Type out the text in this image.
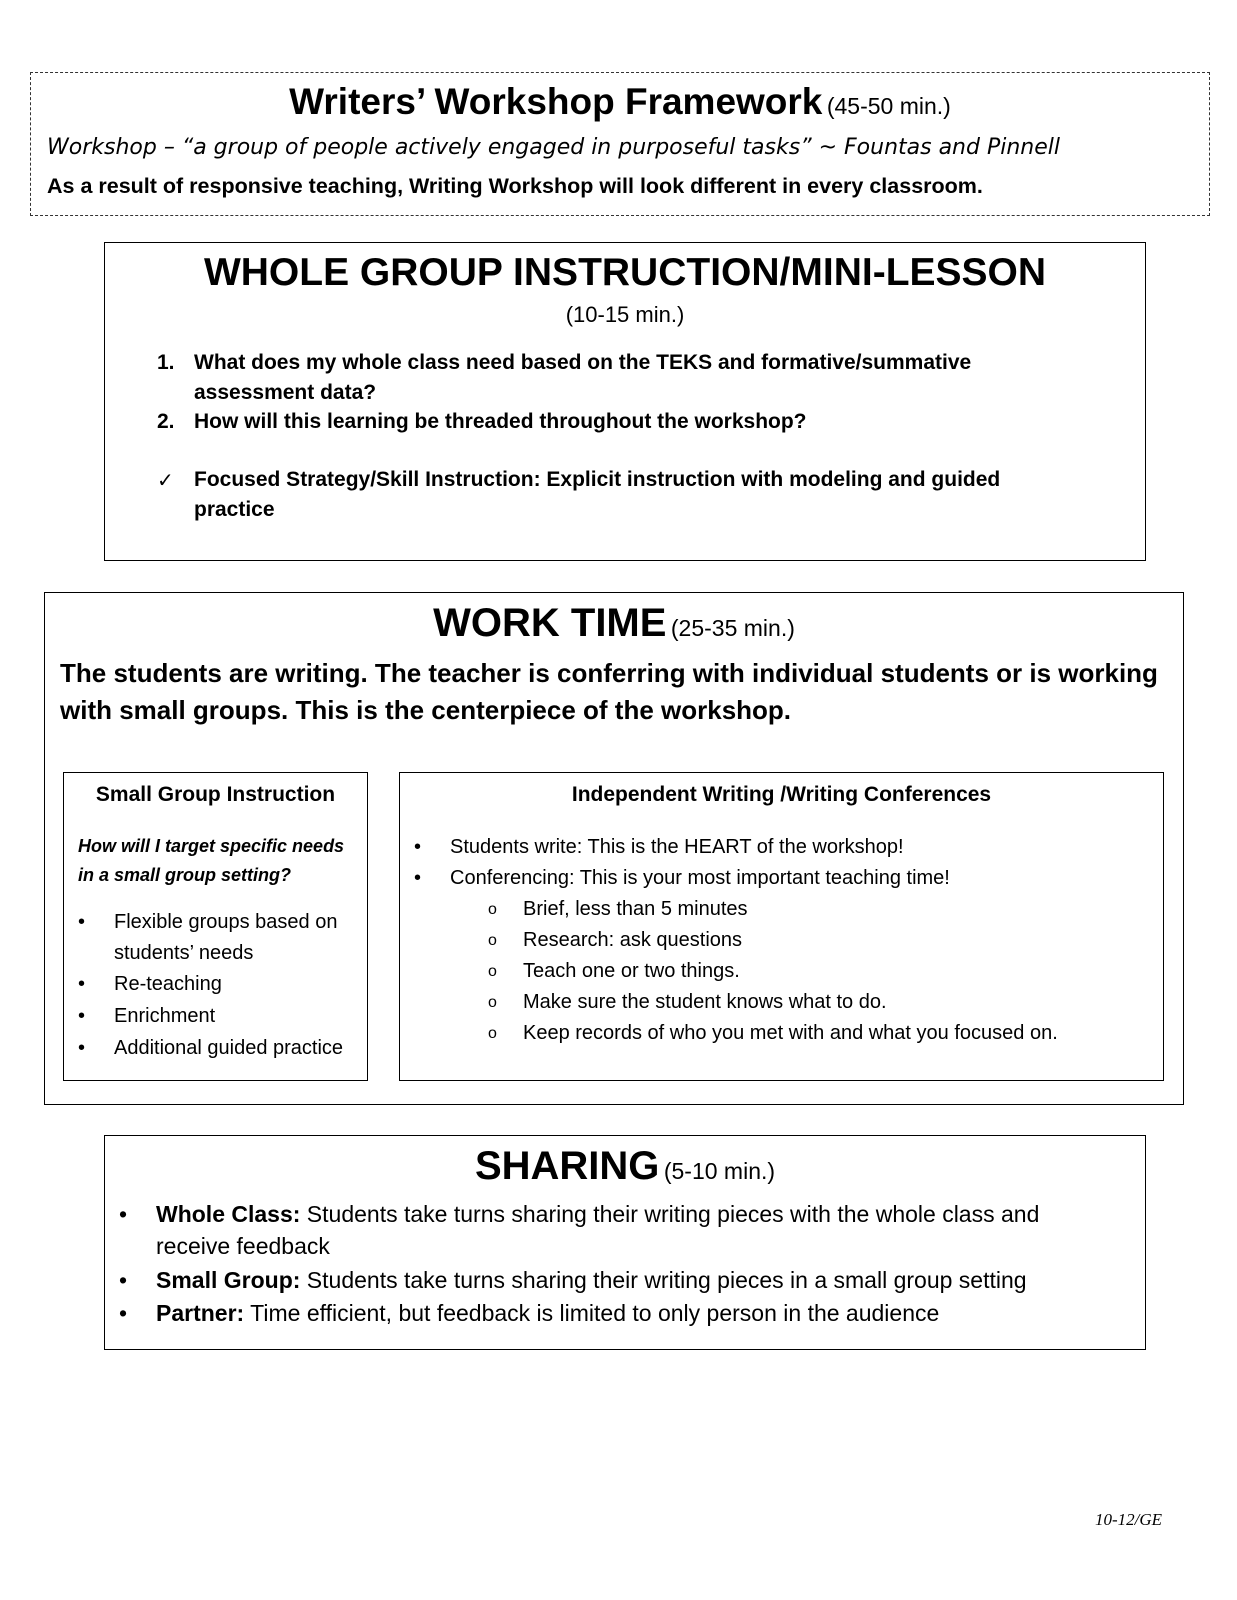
Writers’ Workshop Framework (45-50 min.)
Workshop – “a group of people actively engaged in purposeful tasks” ~ Fountas and Pinnell
As a result of responsive teaching, Writing Workshop will look different in every classroom.
WHOLE GROUP INSTRUCTION/MINI-LESSON
(10-15 min.)
1. What does my whole class need based on the TEKS and formative/summative assessment data?
2. How will this learning be threaded throughout the workshop?
✓ Focused Strategy/Skill Instruction: Explicit instruction with modeling and guided practice
WORK TIME (25-35 min.)
The students are writing. The teacher is conferring with individual students or is working with small groups. This is the centerpiece of the workshop.
Small Group Instruction
How will I target specific needs in a small group setting?
• Flexible groups based on students’ needs
• Re-teaching
• Enrichment
• Additional guided practice
Independent Writing /Writing Conferences
• Students write: This is the HEART of the workshop!
• Conferencing: This is your most important teaching time!
o Brief, less than 5 minutes
o Research: ask questions
o Teach one or two things.
o Make sure the student knows what to do.
o Keep records of who you met with and what you focused on.
SHARING (5-10 min.)
• Whole Class: Students take turns sharing their writing pieces with the whole class and receive feedback
• Small Group: Students take turns sharing their writing pieces in a small group setting
• Partner: Time efficient, but feedback is limited to only person in the audience
10-12/GE
